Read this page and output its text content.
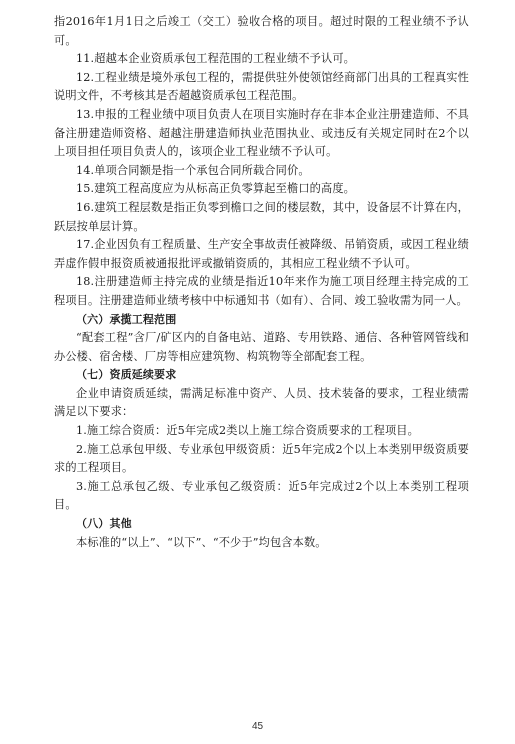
指2016年1月1日之后竣工（交工）验收合格的项目。超过时限的工程业绩不予认可。
11.超越本企业资质承包工程范围的工程业绩不予认可。
12.工程业绩是境外承包工程的，需提供驻外使领馆经商部门出具的工程真实性说明文件，不考核其是否超越资质承包工程范围。
13.申报的工程业绩中项目负责人在项目实施时存在非本企业注册建造师、不具备注册建造师资格、超越注册建造师执业范围执业、或违反有关规定同时在2个以上项目担任项目负责人的，该项企业工程业绩不予认可。
14.单项合同额是指一个承包合同所载合同价。
15.建筑工程高度应为从标高正负零算起至檐口的高度。
16.建筑工程层数是指正负零到檐口之间的楼层数，其中，设备层不计算在内，跃层按单层计算。
17.企业因负有工程质量、生产安全事故责任被降级、吊销资质，或因工程业绩弄虚作假申报资质被通报批评或撤销资质的，其相应工程业绩不予认可。
18.注册建造师主持完成的业绩是指近10年来作为施工项目经理主持完成的工程项目。注册建造师业绩考核中中标通知书（如有）、合同、竣工验收需为同一人。
（六）承揽工程范围
“配套工程”含厂/矿区内的自备电站、道路、专用铁路、通信、各种管网管线和办公楼、宿舍楼、厂房等相应建筑物、构筑物等全部配套工程。
（七）资质延续要求
企业申请资质延续，需满足标准中资产、人员、技术装备的要求，工程业绩需满足以下要求：
1.施工综合资质：近5年完成2类以上施工综合资质要求的工程项目。
2.施工总承包甲级、专业承包甲级资质：近5年完成2个以上本类别甲级资质要求的工程项目。
3.施工总承包乙级、专业承包乙级资质：近5年完成过2个以上本类别工程项目。
（八）其他
本标准的“以上”、“以下”、“不少于”均包含本数。
45
